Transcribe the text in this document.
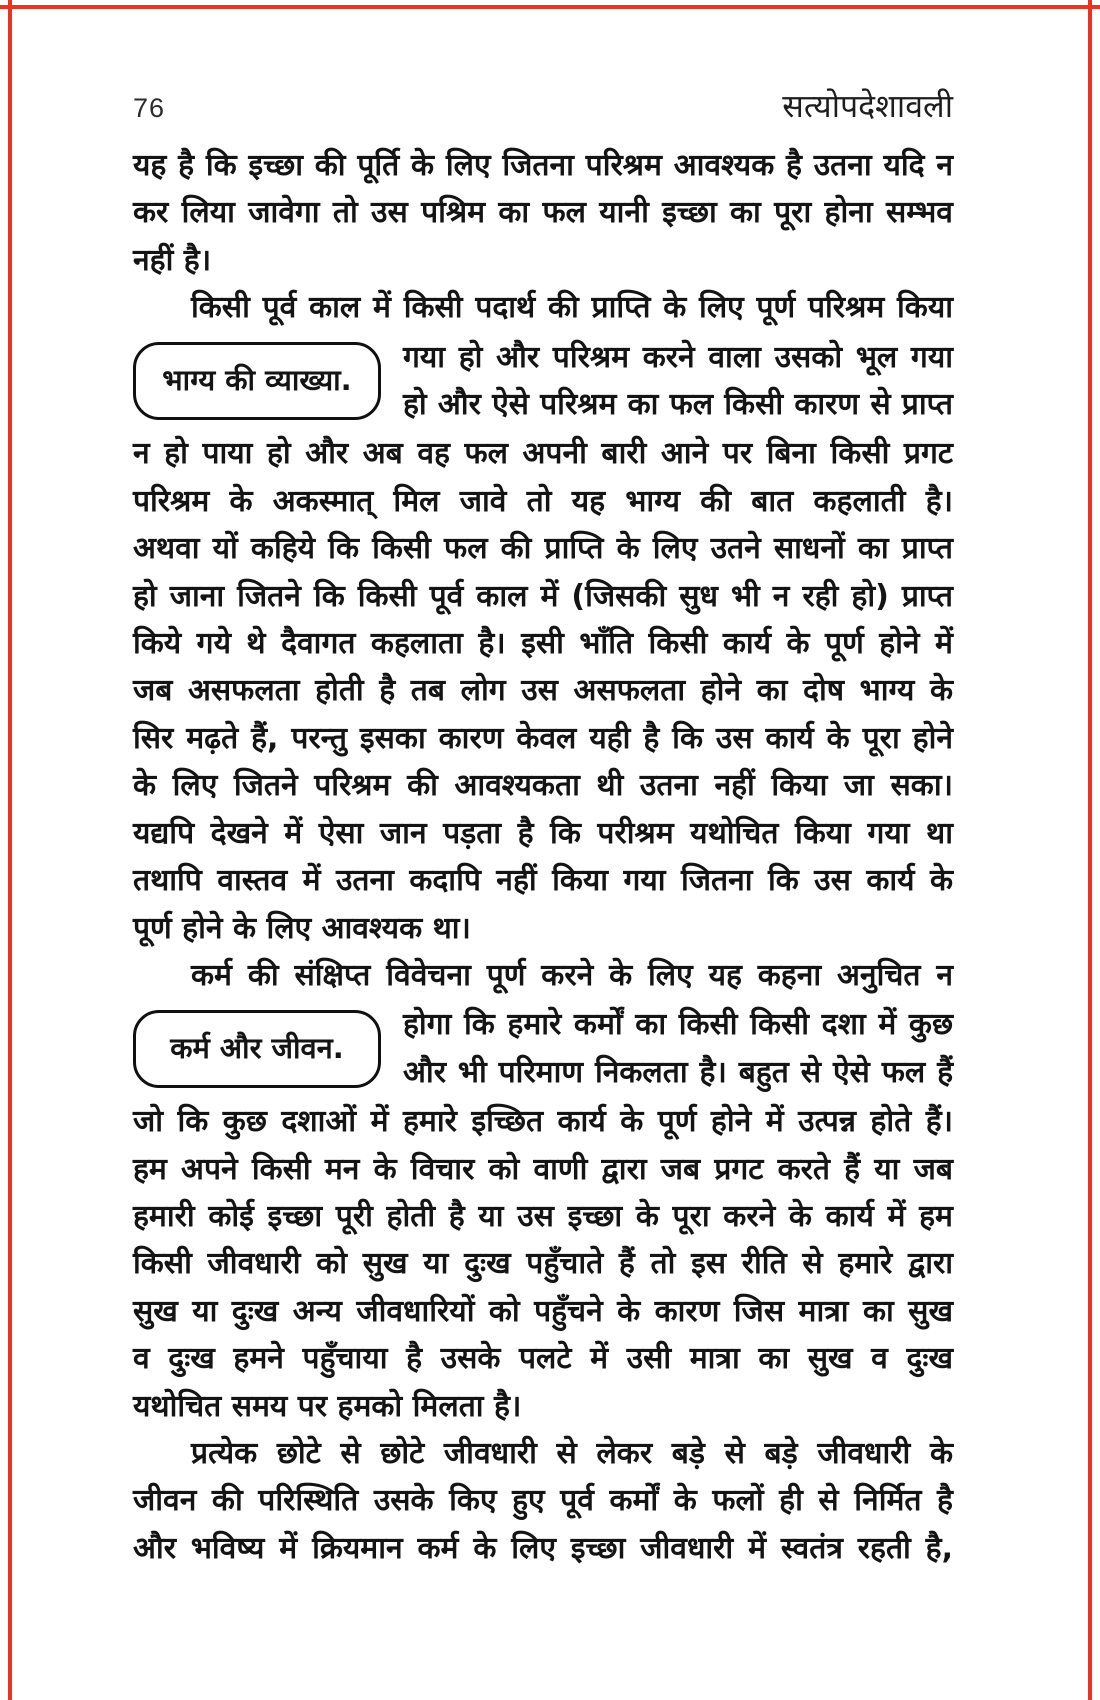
76	सत्योपदेशावली
यह है कि इच्छा की पूर्ति के लिए जितना परिश्रम आवश्यक है उतना यदि न
कर लिया जावेगा तो उस पश्रिम का फल यानी इच्छा का पूरा होना सम्भव
नहीं है।
किसी पूर्व काल में किसी पदार्थ की प्राप्ति के लिए पूर्ण परिश्रम किया
भाग्य की व्याख्या.
गया हो और परिश्रम करने वाला उसको भूल गया
हो और ऐसे परिश्रम का फल किसी कारण से प्राप्त
न हो पाया हो और अब वह फल अपनी बारी आने पर बिना किसी प्रगट
परिश्रम के अकस्मात् मिल जावे तो यह भाग्य की बात कहलाती है।
अथवा यों कहिये कि किसी फल की प्राप्ति के लिए उतने साधनों का प्राप्त
हो जाना जितने कि किसी पूर्व काल में (जिसकी सुध भी न रही हो) प्राप्त
किये गये थे दैवागत कहलाता है। इसी भाँति किसी कार्य के पूर्ण होने में
जब असफलता होती है तब लोग उस असफलता होने का दोष भाग्य के
सिर मढ़ते हैं, परन्तु इसका कारण केवल यही है कि उस कार्य के पूरा होने
के लिए जितने परिश्रम की आवश्यकता थी उतना नहीं किया जा सका।
यद्यपि देखने में ऐसा जान पड़ता है कि परीश्रम यथोचित किया गया था
तथापि वास्तव में उतना कदापि नहीं किया गया जितना कि उस कार्य के
पूर्ण होने के लिए आवश्यक था।
कर्म की संक्षिप्त विवेचना पूर्ण करने के लिए यह कहना अनुचित न
कर्म और जीवन.
होगा कि हमारे कर्मों का किसी किसी दशा में कुछ
और भी परिमाण निकलता है। बहुत से ऐसे फल हैं
जो कि कुछ दशाओं में हमारे इच्छित कार्य के पूर्ण होने में उत्पन्न होते हैं।
हम अपने किसी मन के विचार को वाणी द्वारा जब प्रगट करते हैं या जब
हमारी कोई इच्छा पूरी होती है या उस इच्छा के पूरा करने के कार्य में हम
किसी जीवधारी को सुख या दुःख पहुँचाते हैं तो इस रीति से हमारे द्वारा
सुख या दुःख अन्य जीवधारियों को पहुँचने के कारण जिस मात्रा का सुख
व दुःख हमने पहुँचाया है उसके पलटे में उसी मात्रा का सुख व दुःख
यथोचित समय पर हमको मिलता है।
प्रत्येक छोटे से छोटे जीवधारी से लेकर बड़े से बड़े जीवधारी के
जीवन की परिस्थिति उसके किए हुए पूर्व कर्मों के फलों ही से निर्मित है
और भविष्य में क्रियमान कर्म के लिए इच्छा जीवधारी में स्वतंत्र रहती है,
